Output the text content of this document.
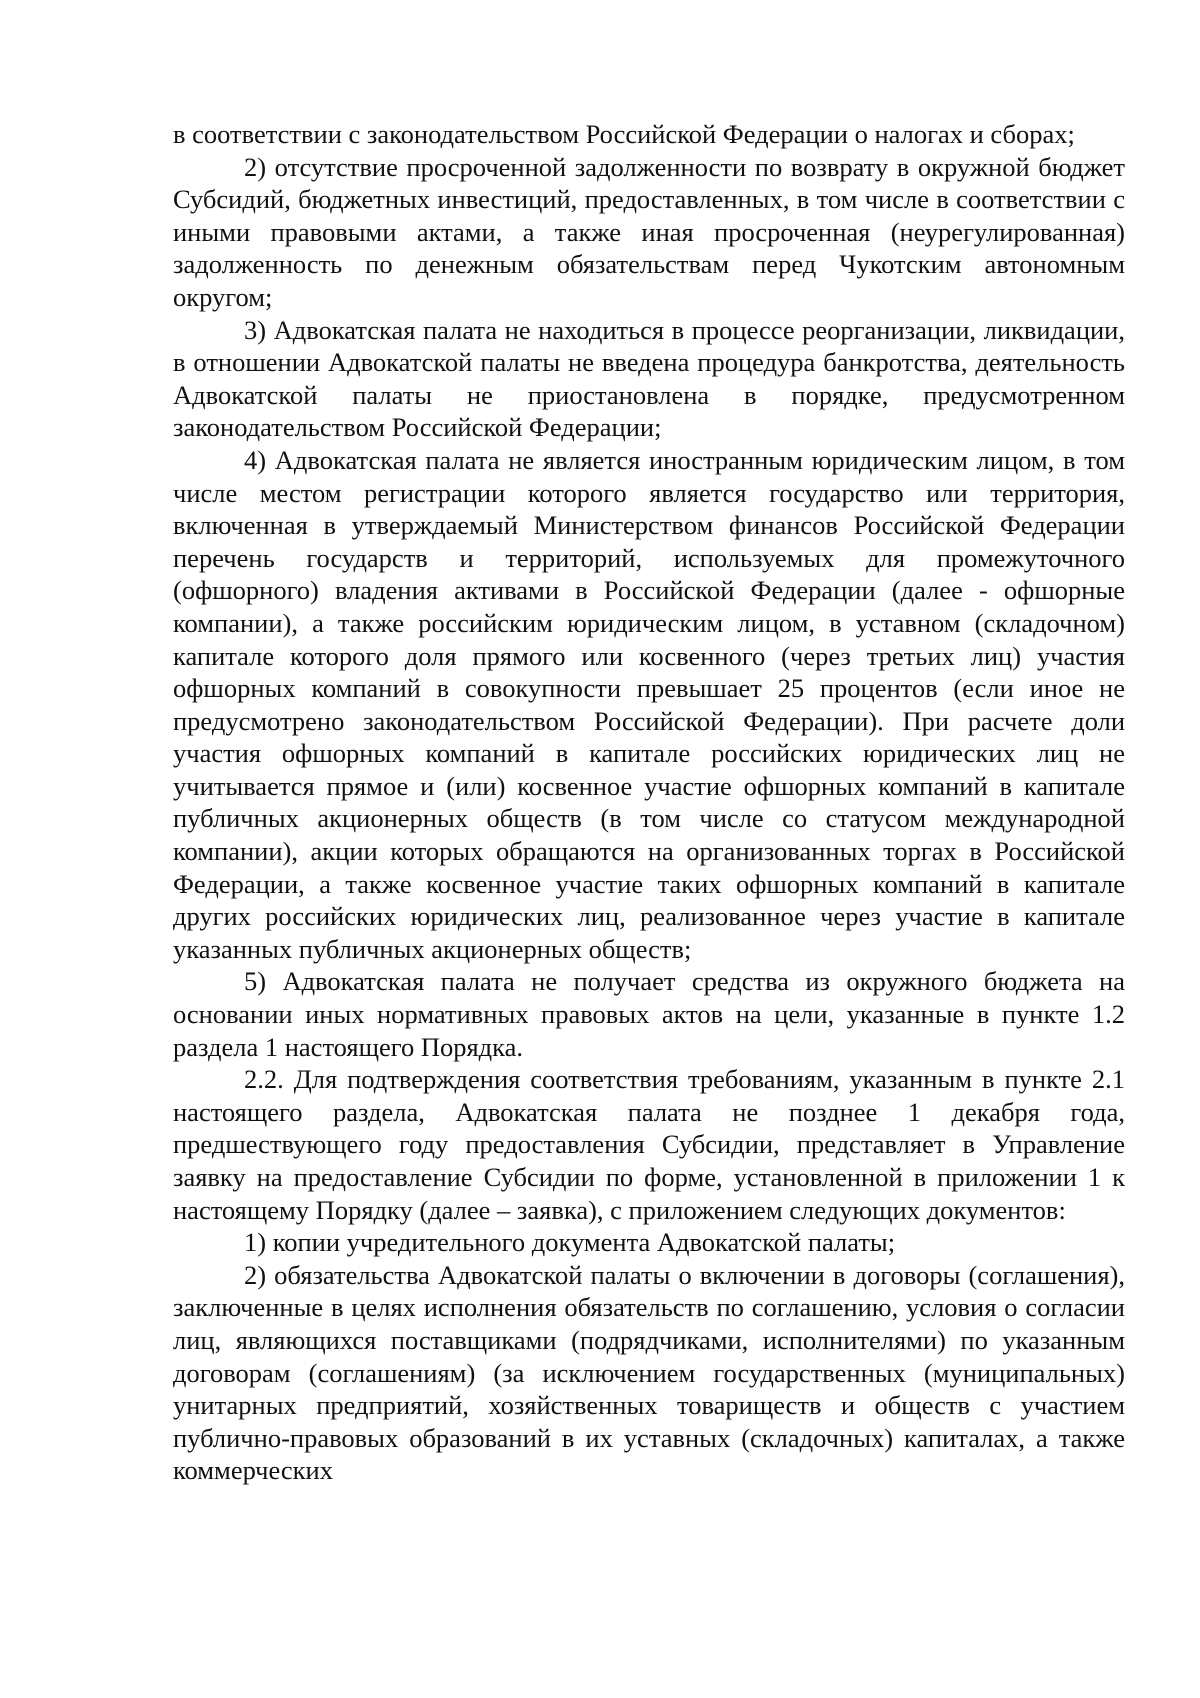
в соответствии с законодательством Российской Федерации о налогах и сборах;

2) отсутствие просроченной задолженности по возврату в окружной бюджет Субсидий, бюджетных инвестиций, предоставленных, в том числе в соответствии с иными правовыми актами, а также иная просроченная (неурегулированная) задолженность по денежным обязательствам перед Чукотским автономным округом;

3) Адвокатская палата не находиться в процессе реорганизации, ликвидации, в отношении Адвокатской палаты не введена процедура банкротства, деятельность Адвокатской палаты не приостановлена в порядке, предусмотренном законодательством Российской Федерации;

4) Адвокатская палата не является иностранным юридическим лицом, в том числе местом регистрации которого является государство или территория, включенная в утверждаемый Министерством финансов Российской Федерации перечень государств и территорий, используемых для промежуточного (офшорного) владения активами в Российской Федерации (далее - офшорные компании), а также российским юридическим лицом, в уставном (складочном) капитале которого доля прямого или косвенного (через третьих лиц) участия офшорных компаний в совокупности превышает 25 процентов (если иное не предусмотрено законодательством Российской Федерации). При расчете доли участия офшорных компаний в капитале российских юридических лиц не учитывается прямое и (или) косвенное участие офшорных компаний в капитале публичных акционерных обществ (в том числе со статусом международной компании), акции которых обращаются на организованных торгах в Российской Федерации, а также косвенное участие таких офшорных компаний в капитале других российских юридических лиц, реализованное через участие в капитале указанных публичных акционерных обществ;

5) Адвокатская палата не получает средства из окружного бюджета на основании иных нормативных правовых актов на цели, указанные в пункте 1.2 раздела 1 настоящего Порядка.

2.2. Для подтверждения соответствия требованиям, указанным в пункте 2.1 настоящего раздела, Адвокатская палата не позднее 1 декабря года, предшествующего году предоставления Субсидии, представляет в Управление заявку на предоставление Субсидии по форме, установленной в приложении 1 к настоящему Порядку (далее – заявка), с приложением следующих документов:

1) копии учредительного документа Адвокатской палаты;

2) обязательства Адвокатской палаты о включении в договоры (соглашения), заключенные в целях исполнения обязательств по соглашению, условия о согласии лиц, являющихся поставщиками (подрядчиками, исполнителями) по указанным договорам (соглашениям) (за исключением государственных (муниципальных) унитарных предприятий, хозяйственных товариществ и обществ с участием публично-правовых образований в их уставных (складочных) капиталах, а также коммерческих
